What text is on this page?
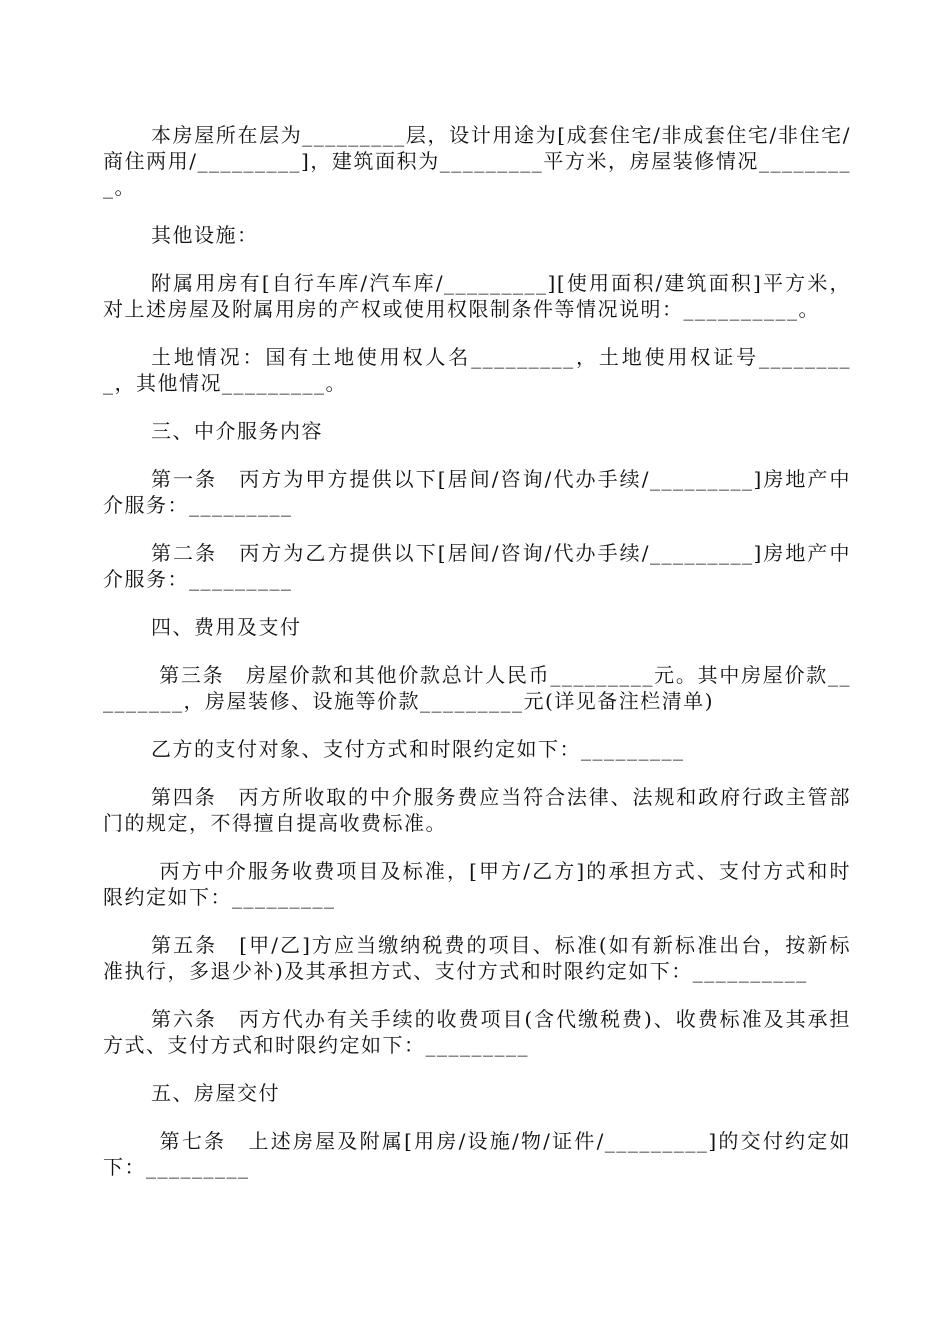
本房屋所在层为_________层，设计用途为[成套住宅/非成套住宅/非住宅/商住两用/_________]，建筑面积为_________平方米，房屋装修情况_________。

其他设施：

附属用房有[自行车库/汽车库/_________][使用面积/建筑面积]平方米，对上述房屋及附属用房的产权或使用权限制条件等情况说明：__________。

土地情况：国有土地使用权人名_________，土地使用权证号_________，其他情况_________。

三、中介服务内容

第一条　丙方为甲方提供以下[居间/咨询/代办手续/_________]房地产中介服务：_________

第二条　丙方为乙方提供以下[居间/咨询/代办手续/_________]房地产中介服务：_________

四、费用及支付

第三条　房屋价款和其他价款总计人民币_________元。其中房屋价款_________，房屋装修、设施等价款_________元(详见备注栏清单)

乙方的支付对象、支付方式和时限约定如下：_________

第四条　丙方所收取的中介服务费应当符合法律、法规和政府行政主管部门的规定，不得擅自提高收费标准。

丙方中介服务收费项目及标准，[甲方/乙方]的承担方式、支付方式和时限约定如下：_________

第五条　[甲/乙]方应当缴纳税费的项目、标准(如有新标准出台，按新标准执行，多退少补)及其承担方式、支付方式和时限约定如下：__________

第六条　丙方代办有关手续的收费项目(含代缴税费)、收费标准及其承担方式、支付方式和时限约定如下：_________

五、房屋交付

第七条　上述房屋及附属[用房/设施/物/证件/_________]的交付约定如下：_________
